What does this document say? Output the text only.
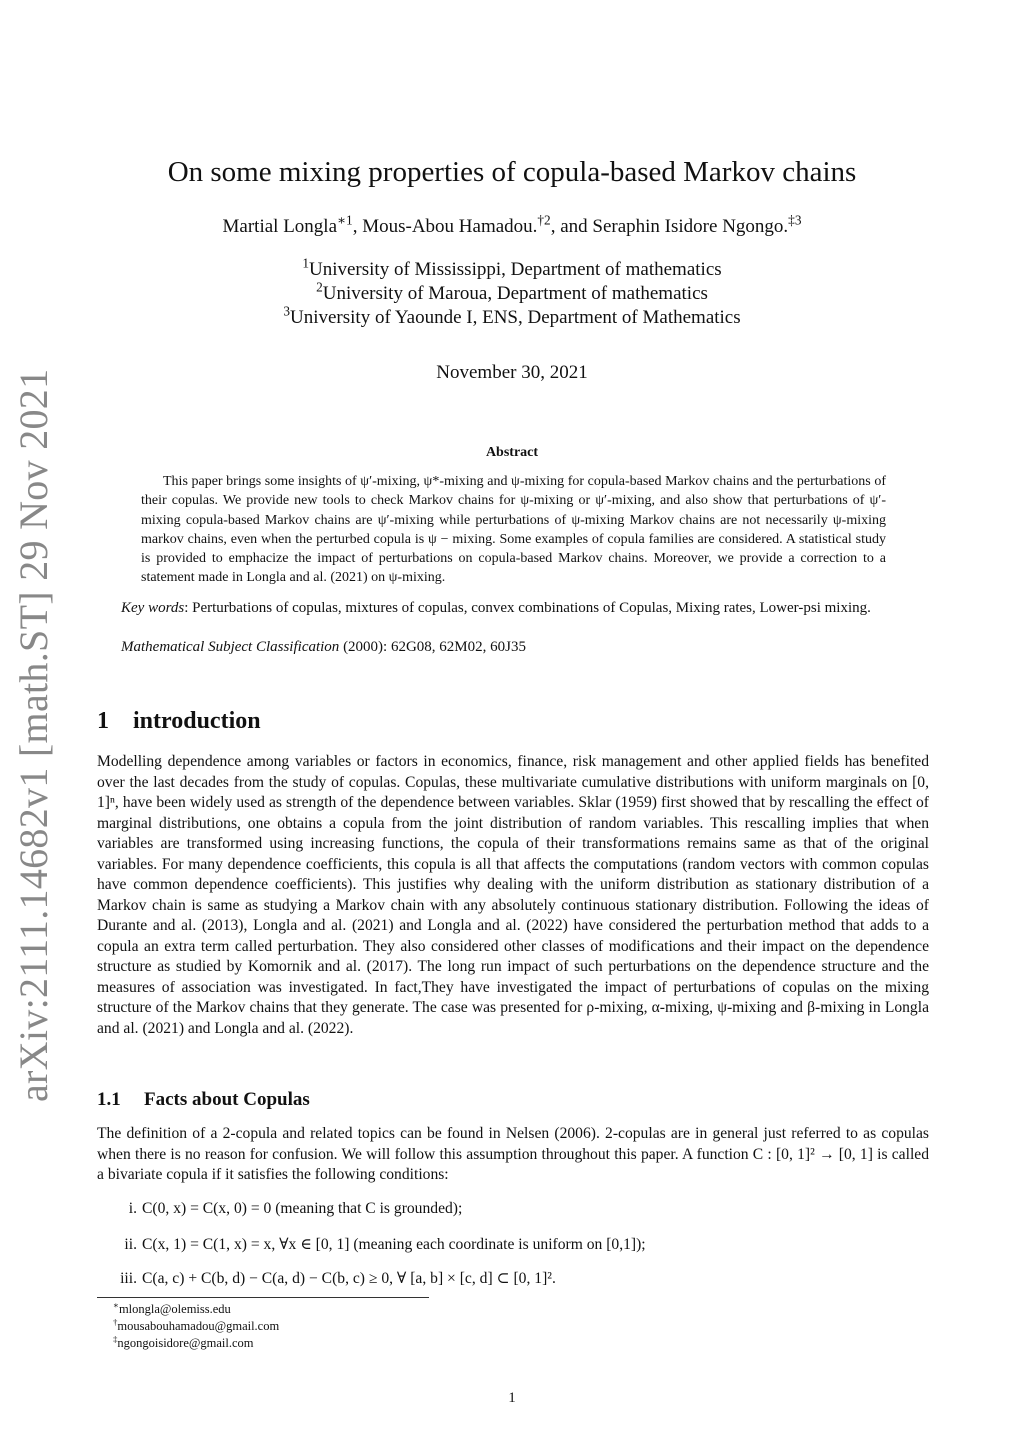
arXiv:2111.14682v1 [math.ST] 29 Nov 2021
On some mixing properties of copula-based Markov chains
Martial Longla$^{∗1}$, Mous-Abou Hamadou.$^{\dagger 2}$, and Seraphin Isidore Ngongo.$^{\ddagger 3}$
$^1$University of Mississippi, Department of mathematics
$^2$University of Maroua, Department of mathematics
$^3$University of Yaounde I, ENS, Department of Mathematics
November 30, 2021
Abstract
This paper brings some insights of ψ′-mixing, ψ*-mixing and ψ-mixing for copula-based Markov chains and the perturbations of their copulas. We provide new tools to check Markov chains for ψ-mixing or ψ′-mixing, and also show that perturbations of ψ′-mixing copula-based Markov chains are ψ′-mixing while perturbations of ψ-mixing Markov chains are not necessarily ψ-mixing markov chains, even when the perturbed copula is ψ − mixing. Some examples of copula families are considered. A statistical study is provided to emphacize the impact of perturbations on copula-based Markov chains. Moreover, we provide a correction to a statement made in Longla and al. (2021) on ψ-mixing.
Key words: Perturbations of copulas, mixtures of copulas, convex combinations of Copulas, Mixing rates, Lower-psi mixing.
Mathematical Subject Classification (2000): 62G08, 62M02, 60J35
1 introduction
Modelling dependence among variables or factors in economics, finance, risk management and other applied fields has benefited over the last decades from the study of copulas. Copulas, these multivariate cumulative distributions with uniform marginals on [0, 1]ⁿ, have been widely used as strength of the dependence between variables. Sklar (1959) first showed that by rescalling the effect of marginal distributions, one obtains a copula from the joint distribution of random variables. This rescalling implies that when variables are transformed using increasing functions, the copula of their transformations remains same as that of the original variables. For many dependence coefficients, this copula is all that affects the computations (random vectors with common copulas have common dependence coefficients). This justifies why dealing with the uniform distribution as stationary distribution of a Markov chain is same as studying a Markov chain with any absolutely continuous stationary distribution. Following the ideas of Durante and al. (2013), Longla and al. (2021) and Longla and al. (2022) have considered the perturbation method that adds to a copula an extra term called perturbation. They also considered other classes of modifications and their impact on the dependence structure as studied by Komornik and al. (2017). The long run impact of such perturbations on the dependence structure and the measures of association was investigated. In fact,They have investigated the impact of perturbations of copulas on the mixing structure of the Markov chains that they generate. The case was presented for ρ-mixing, α-mixing, ψ-mixing and β-mixing in Longla and al. (2021) and Longla and al. (2022).
1.1 Facts about Copulas
The definition of a 2-copula and related topics can be found in Nelsen (2006). 2-copulas are in general just referred to as copulas when there is no reason for confusion. We will follow this assumption throughout this paper. A function C : [0, 1]² → [0, 1] is called a bivariate copula if it satisfies the following conditions:
i. C(0, x) = C(x, 0) = 0 (meaning that C is grounded);
ii. C(x, 1) = C(1, x) = x, ∀x ∈ [0, 1] (meaning each coordinate is uniform on [0,1]);
iii. C(a, c) + C(b, d) − C(a, d) − C(b, c) ≥ 0, ∀ [a, b] × [c, d] ⊂ [0, 1]².
∗mlongla@olemiss.edu
†mousabouhamadou@gmail.com
‡ngongoisidore@gmail.com
1
